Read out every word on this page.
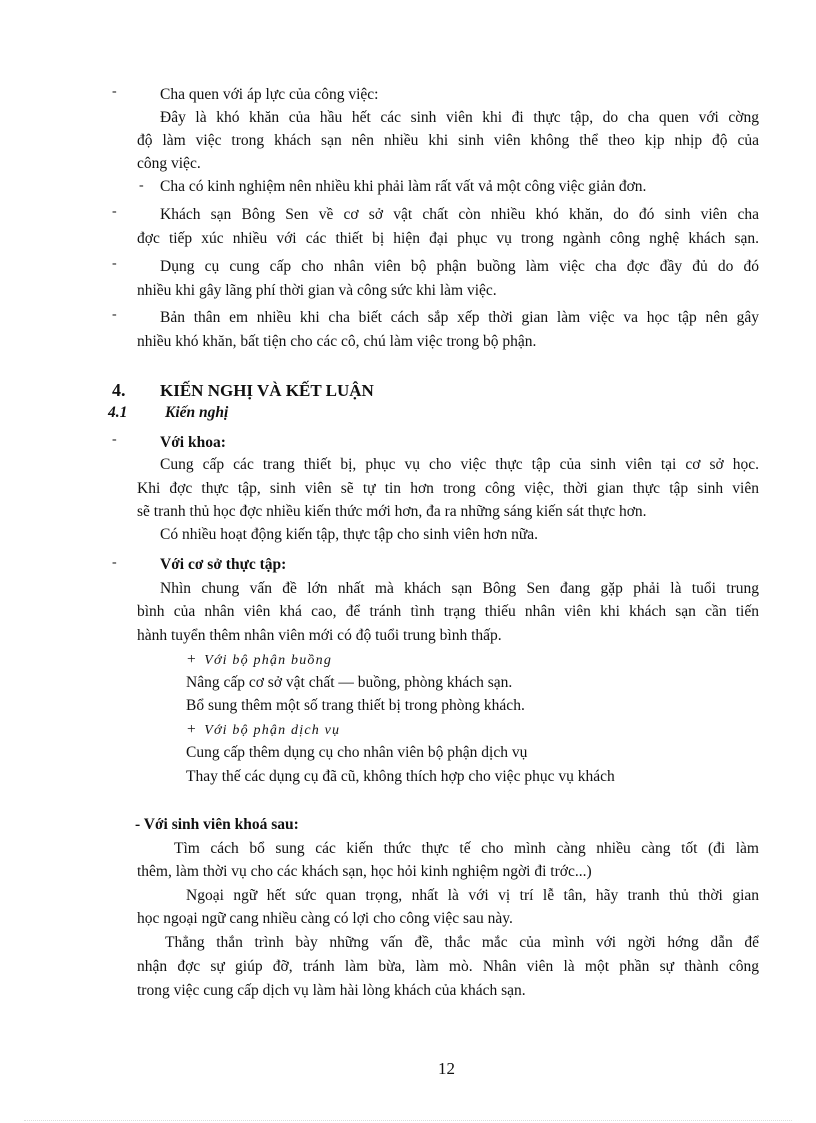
-	Cha quen với áp lực của công việc:
Đây là khó khăn của hầu hết các sinh viên khi đi thực tập, do cha quen với cờng
độ làm việc trong khách sạn nên nhiều khi sinh viên không thể theo kịp nhịp độ của
công việc.
- Cha có kinh nghiệm nên nhiều khi phải làm rất vất vả một công việc giản đơn.
-	Khách sạn Bông Sen về cơ sở vật chất còn nhiều khó khăn, do đó sinh viên cha
đợc tiếp xúc nhiều với các thiết bị hiện đại phục vụ trong ngành công nghệ khách sạn.
-	Dụng cụ cung cấp cho nhân viên bộ phận buồng làm việc cha đợc đầy đủ do đó
nhiều khi gây lãng phí thời gian và công sức khi làm việc.
-	Bản thân em nhiều khi cha biết cách sắp xếp thời gian làm việc va học tập nên gây
nhiều khó khăn, bất tiện cho các cô, chú làm việc trong bộ phận.
4. KIẾN NGHỊ VÀ KẾT LUẬN
4.1 Kiến nghị
-	Với khoa:
Cung cấp các trang thiết bị, phục vụ cho việc thực tập của sinh viên tại cơ sở học.
Khi đợc thực tập, sinh viên sẽ tự tin hơn trong công việc, thời gian thực tập sinh viên
sẽ tranh thủ học đợc nhiều kiến thức mới hơn, đa ra những sáng kiến sát thực hơn.
Có nhiều hoạt động kiến tập, thực tập cho sinh viên hơn nữa.
-	Với cơ sở thực tập:
Nhìn chung vấn đề lớn nhất mà khách sạn Bông Sen đang gặp phải là tuổi trung
bình của nhân viên khá cao, để tránh tình trạng thiếu nhân viên khi khách sạn cần tiến
hành tuyển thêm nhân viên mới có độ tuổi trung bình thấp.
+ Với bộ phận buồng
Nâng cấp cơ sở vật chất — buồng, phòng khách sạn.
Bổ sung thêm một số trang thiết bị trong phòng khách.
+ Với bộ phận dịch vụ
Cung cấp thêm dụng cụ cho nhân viên bộ phận dịch vụ
Thay thế các dụng cụ đã cũ, không thích hợp cho việc phục vụ khách
- Với sinh viên khoá sau:
Tìm cách bổ sung các kiến thức thực tế cho mình càng nhiều càng tốt (đi làm
thêm, làm thời vụ cho các khách sạn, học hỏi kinh nghiệm ngời đi trớc...)
Ngoại ngữ hết sức quan trọng, nhất là với vị trí lễ tân, hãy tranh thủ thời gian
học ngoại ngữ cang nhiều càng có lợi cho công việc sau này.
Thẳng thắn trình bày những vấn đề, thắc mắc của mình với ngời hớng dẫn để
nhận đợc sự giúp đỡ, tránh làm bừa, làm mò. Nhân viên là một phần sự thành công
trong việc cung cấp dịch vụ làm hài lòng khách của khách sạn.
12
